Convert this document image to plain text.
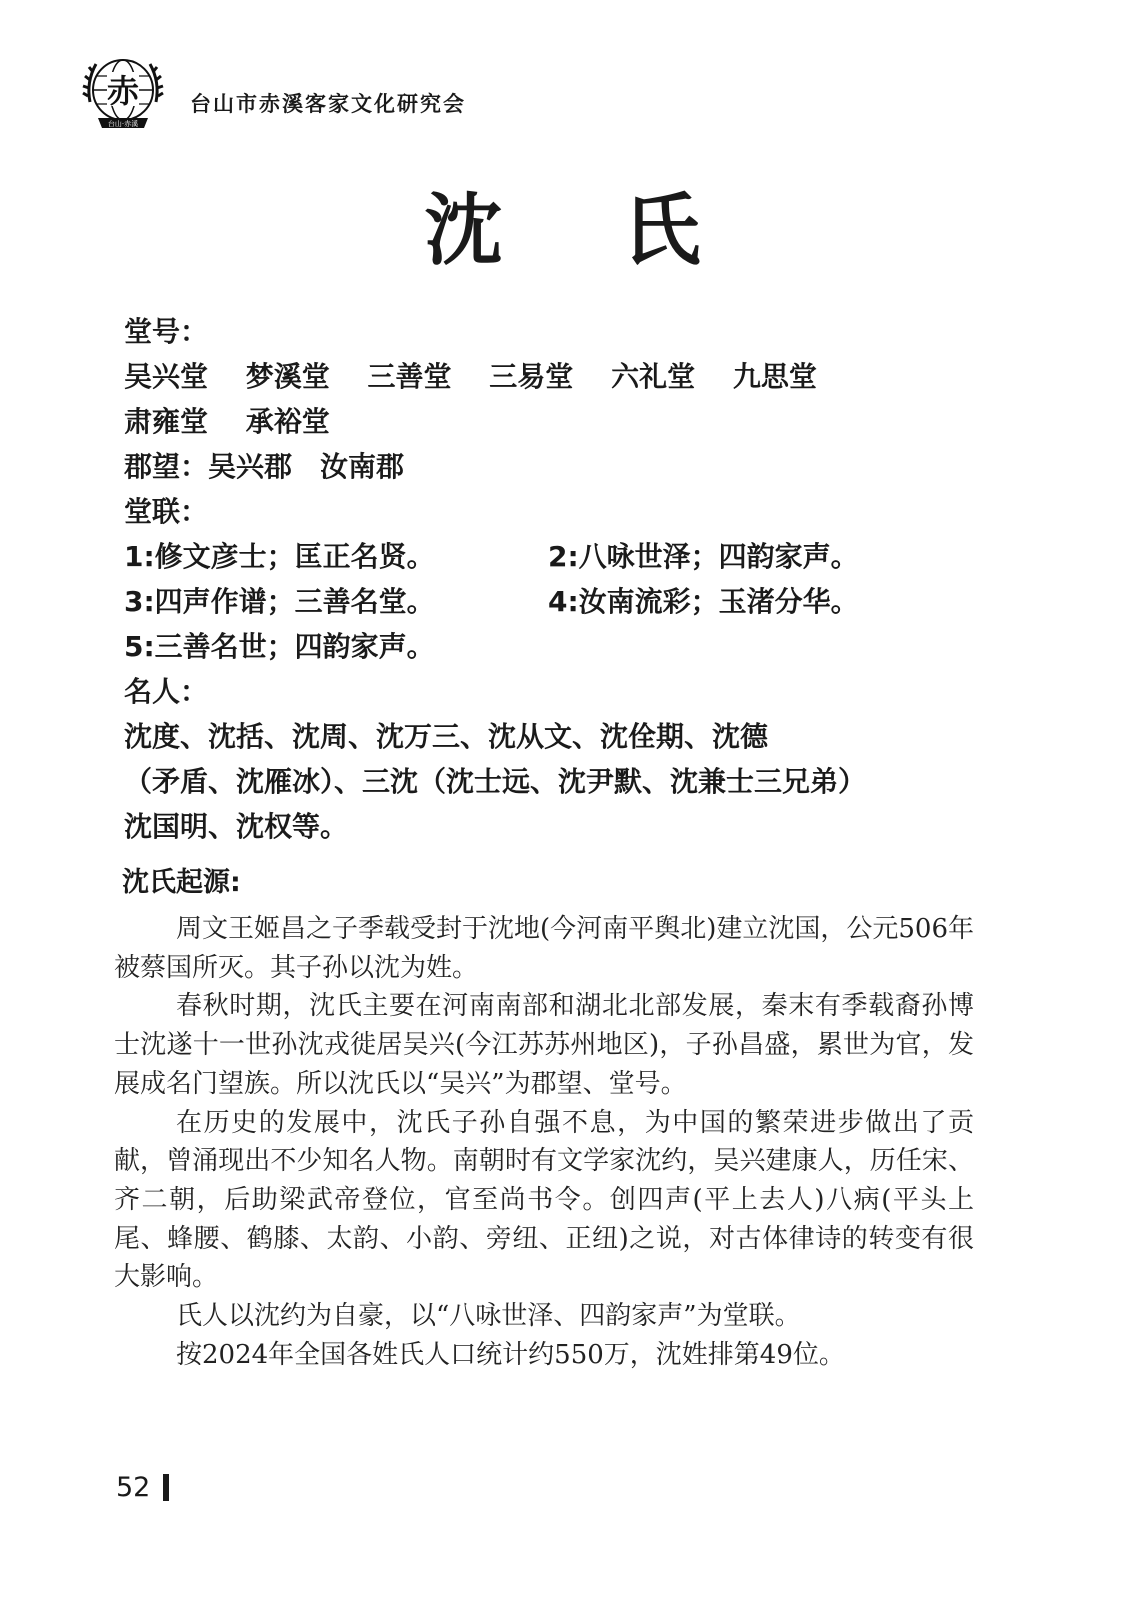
赤
台山·赤溪
台山市赤溪客家文化研究会
沈 氏
堂号：
吴兴堂 梦溪堂 三善堂 三易堂 六礼堂 九思堂
肃雍堂 承裕堂
郡望：吴兴郡 汝南郡
堂联：
1:修文彦士；匡正名贤。	2:八咏世泽；四韵家声。
3:四声作谱；三善名堂。	4:汝南流彩；玉渚分华。
5:三善名世；四韵家声。
名人：
沈度、沈括、沈周、沈万三、沈从文、沈佺期、沈德
（矛盾、沈雁冰）、三沈（沈士远、沈尹默、沈兼士三兄弟）
沈国明、沈权等。
沈氏起源:

周文王姬昌之子季载受封于沈地(今河南平舆北)建立沈国，公元506年被蔡国所灭。其子孙以沈为姓。

春秋时期，沈氏主要在河南南部和湖北北部发展，秦末有季载裔孙博士沈遂十一世孙沈戎徙居吴兴(今江苏苏州地区)，子孙昌盛，累世为官，发展成名门望族。所以沈氏以“吴兴”为郡望、堂号。

在历史的发展中，沈氏子孙自强不息，为中国的繁荣进步做出了贡献，曾涌现出不少知名人物。南朝时有文学家沈约，吴兴建康人，历任宋、齐二朝，后助梁武帝登位，官至尚书令。创四声(平上去人)八病(平头上尾、蜂腰、鹤膝、太韵、小韵、旁纽、正纽)之说，对古体律诗的转变有很大影响。

氏人以沈约为自豪，以“八咏世泽、四韵家声”为堂联。

按2024年全国各姓氏人口统计约550万，沈姓排第49位。

52
